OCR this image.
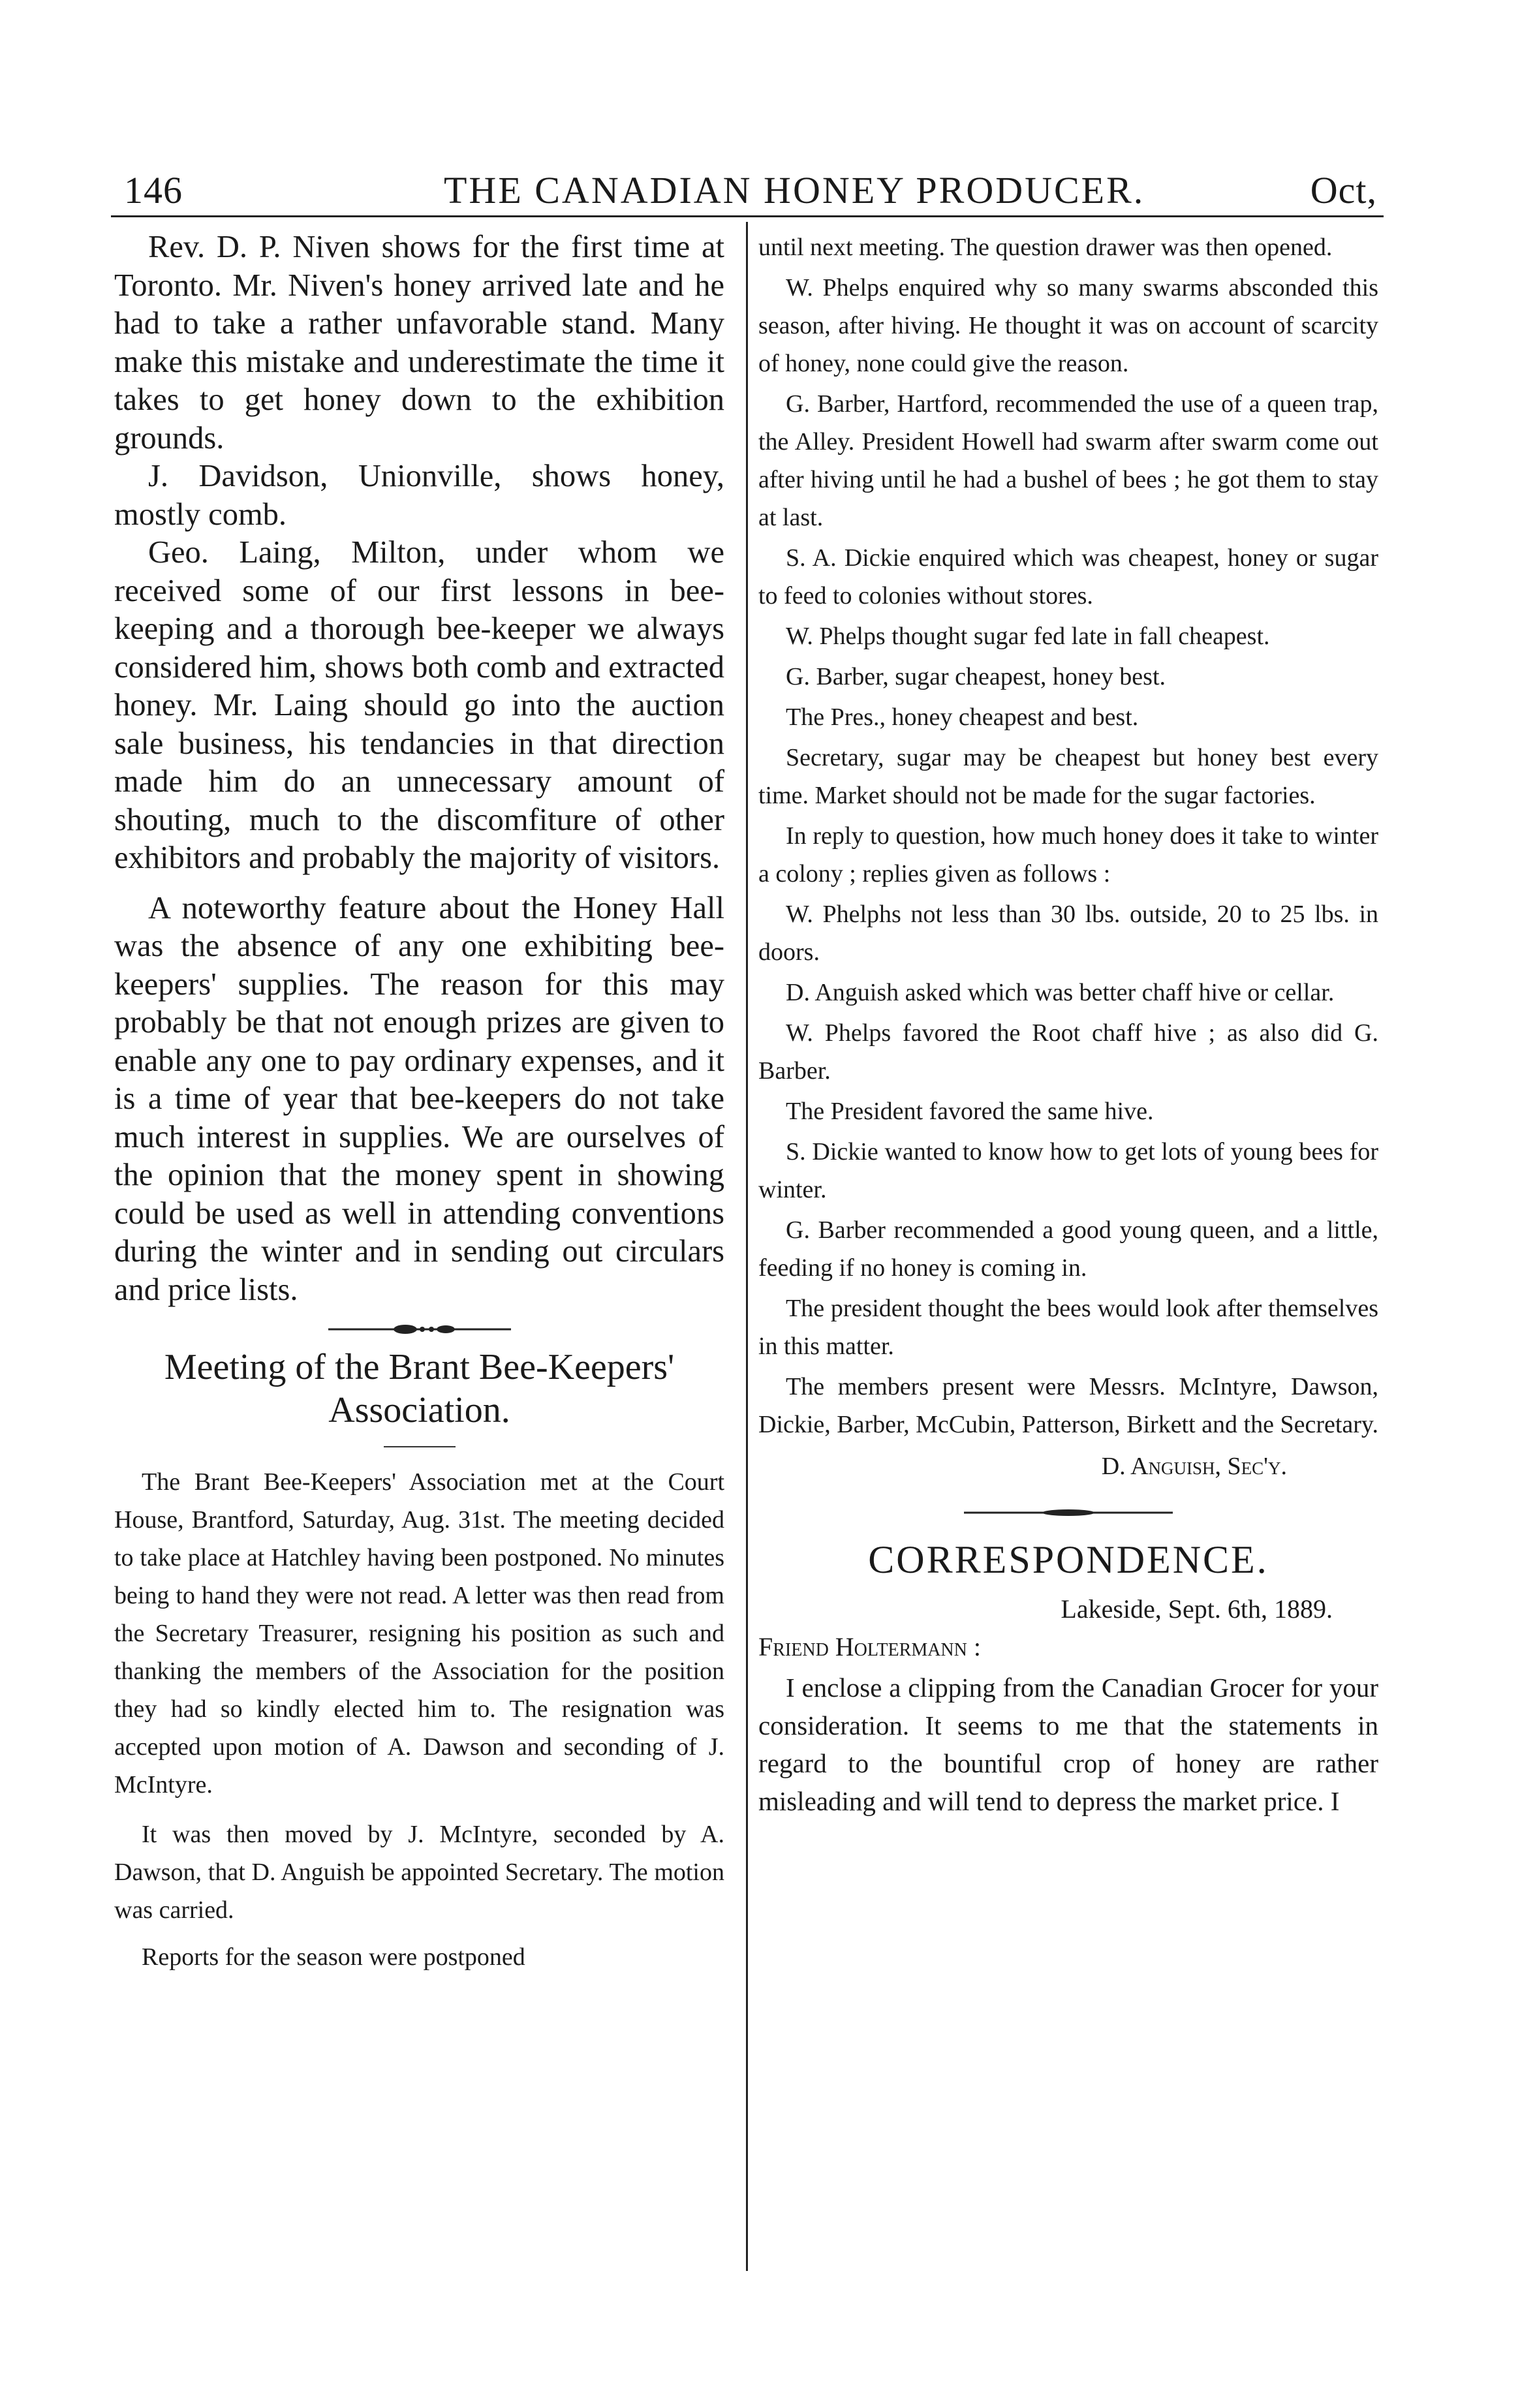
146	THE CANADIAN HONEY PRODUCER.	Oct,

Rev. D. P. Niven shows for the first time at Toronto. Mr. Niven's honey arrived late and he had to take a rather unfavorable stand. Many make this mistake and underestimate the time it takes to get honey down to the exhibition grounds.

J. Davidson, Unionville, shows honey, mostly comb.

Geo. Laing, Milton, under whom we received some of our first lessons in bee-keeping and a thorough bee-keeper we always considered him, shows both comb and extracted honey. Mr. Laing should go into the auction sale business, his tendancies in that direction made him do an unnecessary amount of shouting, much to the discomfiture of other exhibitors and probably the majority of visitors.

A noteworthy feature about the Honey Hall was the absence of any one exhibiting bee-keepers' supplies. The reason for this may probably be that not enough prizes are given to enable any one to pay ordinary expenses, and it is a time of year that bee-keepers do not take much interest in supplies. We are ourselves of the opinion that the money spent in showing could be used as well in attending conventions during the winter and in sending out circulars and price lists.

Meeting of the Brant Bee-Keepers' Association.

The Brant Bee-Keepers' Association met at the Court House, Brantford, Saturday, Aug. 31st. The meeting decided to take place at Hatchley having been postponed. No minutes being to hand they were not read. A letter was then read from the Secretary Treasurer, resigning his position as such and thanking the members of the Association for the position they had so kindly elected him to. The resignation was accepted upon motion of A. Dawson and seconding of J. McIntyre.

It was then moved by J. McIntyre, seconded by A. Dawson, that D. Anguish be appointed Secretary. The motion was carried.

Reports for the season were postponed

until next meeting. The question drawer was then opened.

W. Phelps enquired why so many swarms absconded this season, after hiving. He thought it was on account of scarcity of honey, none could give the reason.

G. Barber, Hartford, recommended the use of a queen trap, the Alley. President Howell had swarm after swarm come out after hiving until he had a bushel of bees ; he got them to stay at last.

S. A. Dickie enquired which was cheapest, honey or sugar to feed to colonies without stores.

W. Phelps thought sugar fed late in fall cheapest.

G. Barber, sugar cheapest, honey best.

The Pres., honey cheapest and best.

Secretary, sugar may be cheapest but honey best every time. Market should not be made for the sugar factories.

In reply to question, how much honey does it take to winter a colony ; replies given as follows :

W. Phelphs not less than 30 lbs. outside, 20 to 25 lbs. in doors.

D. Anguish asked which was better chaff hive or cellar.

W. Phelps favored the Root chaff hive ; as also did G. Barber.

The President favored the same hive.

S. Dickie wanted to know how to get lots of young bees for winter.

G. Barber recommended a good young queen, and a little, feeding if no honey is coming in.

The president thought the bees would look after themselves in this matter.

The members present were Messrs. McIntyre, Dawson, Dickie, Barber, McCubin, Patterson, Birkett and the Secretary.

D. Anguish, Sec'y.
CORRESPONDENCE.
Lakeside, Sept. 6th, 1889.
Friend Holtermann :

I enclose a clipping from the Canadian Grocer for your consideration. It seems to me that the statements in regard to the bountiful crop of honey are rather misleading and will tend to depress the market price. I
